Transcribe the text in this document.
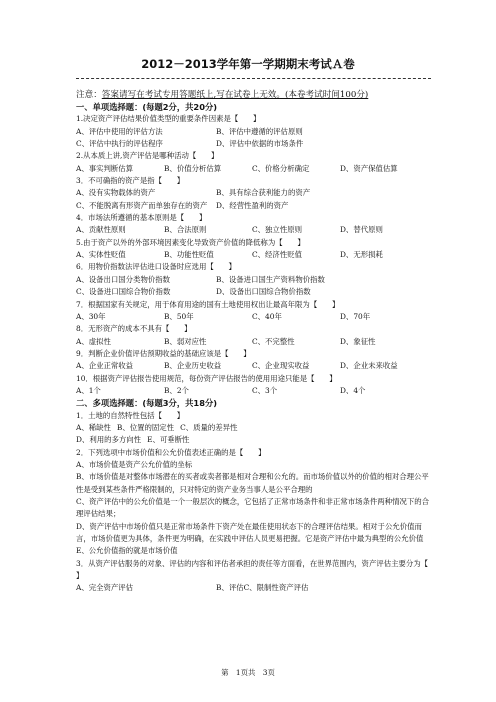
2012－2013学年第一学期期末考试Ａ卷
注意：答案请写在考试专用答题纸上,写在试卷上无效。(本卷考试时间100分)
一、单项选择题：(每题2分，共20分)
1.决定资产评估结果价值类型的重要条件因素是【　　】
A、评估中使用的评估方法	B、评估中遵循的评估原则
C、评估中执行的评估程序	D、评估中依据的市场条件
2.从本质上讲,资产评估是哪种活动【　　】
A、事实判断估算	B、价值分析估算	C、价格分析确定	D、资产保值估算
3．不可确指的资产是指【　　】
A、没有实物载体的资产	B、具有综合获利能力的资产
C、不能脱离有形资产而单独存在的资产 D、经营性盈利的资产
4．市场法所遵循的基本原则是【　　】
A、贡献性原则	B、合法原则	C、独立性原则	D、替代原则
5.由于资产以外的外部环境因素变化导致资产价值的降低称为【　　】
A、实体性贬值	B、功能性贬值	C、经济性贬值	D、无形损耗
6．用物价指数法评估进口设备时应选用【　　】
A、设备出口国分类物价指数	B、设备进口国生产资料物价指数
C、设备进口国综合物价指数	D、设备出口国综合物价指数
7．根据国家有关规定，用于体育用途的国有土地使用权出让最高年限为【　　】
A、30年	B、50年	C、40年	D、70年
8．无形资产的成本不具有【　　】
A、虚拟性	B、弱对应性	C、不完整性	D、象征性
9．判断企业价值评估预期收益的基础应该是【　　】
A、企业正常收益	B、企业历史收益	C、企业现实收益	D、企业未来收益
10．根据资产评估报告使用规范，每份资产评估报告的使用用途只能是【　　】
A、1个	B、2个	C、3个	D、4个
二、多项选择题：(每题3分，共18分)
1．土地的自然特性包括【　　】
A、稀缺性 B、位置的固定性 C、质量的差异性
D、利用的多方向性 E、可垂断性
2．下列选项中市场价值和公允价值表述正确的是【　　】
A、市场价值是资产公允价值的坐标
B、市场价值是对整体市场潜在的买者或卖者都是相对合理和公允的。而市场价值以外的价值的相对合理公平性是受到某些条件严格限制的，只对特定的资产业务当事人是公平合理的
C、资产评估中的公允价值是一个一般层次的概念，它包括了正常市场条件和非正常市场条件两种情况下的合理评估结果；
D、资产评估中市场价值只是正常市场条件下资产处在最佳使用状态下的合理评估结果。相对于公允价值而言，市场价值更为具体，条件更为明确，在实践中评估人员更易把握。它是资产评估中最为典型的公允价值
E、公允价值指的就是市场价值
3．从资产评估服务的对象、评估的内容和评估者承担的责任等方面看，在世界范围内，资产评估主要分为【　　】
A、完全资产评估	B、评估C、限制性资产评估
第　1页共　3页
